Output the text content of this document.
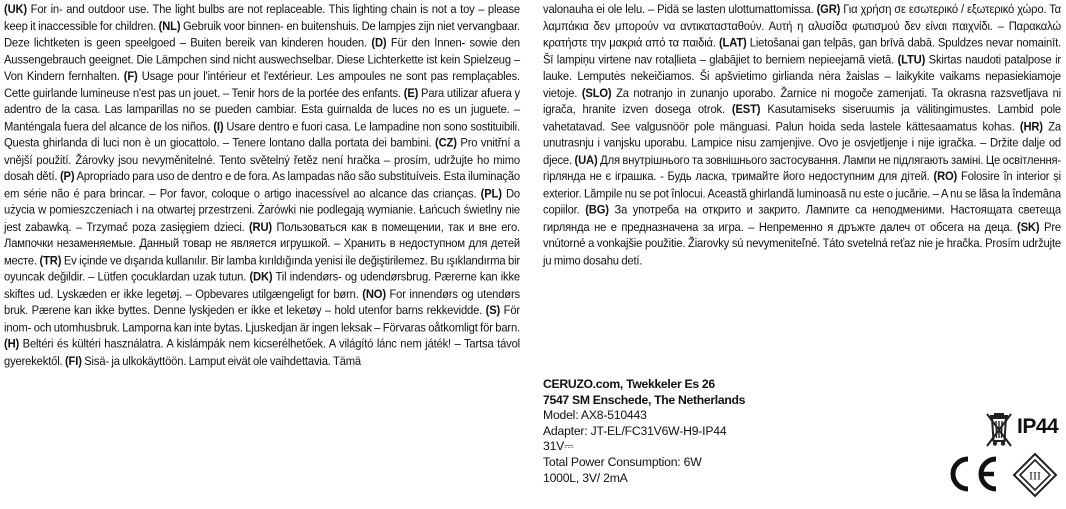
(UK) For in- and outdoor use. The light bulbs are not replaceable. This lighting chain is not a toy – please keep it inaccessible for children. (NL) Gebruik voor binnen- en buitenshuis. De lampjes zijn niet vervangbaar. Deze lichtketen is geen speelgoed – Buiten bereik van kinderen houden. (D) Für den Innen- sowie den Aussengebrauch geeignet. Die Lämpchen sind nicht auswechselbar. Diese Lichterkette ist kein Spielzeug – Von Kindern fernhalten. (F) Usage pour l'intérieur et l'extérieur. Les ampoules ne sont pas remplaçables. Cette guirlande lumineuse n'est pas un jouet. – Tenir hors de la portée des enfants. (E) Para utilizar afuera y adentro de la casa. Las lamparillas no se pueden cambiar. Esta guirnalda de luces no es un juguete. – Manténgala fuera del alcance de los niños. (I) Usare dentro e fuori casa. Le lampadine non sono sostituibili. Questa ghirlanda di luci non è un giocattolo. – Tenere lontano dalla portata dei bambini. (CZ) Pro vnitřní a vnější použití. Žárovky jsou nevyměnitelné. Tento světelný řetěz není hračka – prosím, udržujte ho mimo dosah dětí. (P) Apropriado para uso de dentro e de fora. As lampadas não são substituíveis. Esta iluminação em série não é para brincar. – Por favor, coloque o artigo inacessível ao alcance das crianças. (PL) Do użycia w pomieszczeniach i na otwartej przestrzeni. Żarówki nie podlegają wymianie. Łańcuch świetlny nie jest zabawką. – Trzymać poza zasięgiem dzieci. (RU) Пользоваться как в помещении, так и вне его. Лампочки незаменяемые. Данный товар не является игрушкой. – Хранить в недоступном для детей месте. (TR) Ev içinde ve dışarıda kullanılır. Bir lamba kırıldığında yenisi ile değiştirilemez. Bu ışıklandırma bir oyuncak değildir. – Lütfen çocuklardan uzak tutun. (DK) Til indendørs- og udendørsbrug. Pærerne kan ikke skiftes ud. Lyskæden er ikke legetøj. – Opbevares utilgængeligt for børn. (NO) For innendørs og utendørs bruk. Pærene kan ikke byttes. Denne lyskjeden er ikke et leketøy – hold utenfor barns rekkevidde. (S) För inom- och utomhusbruk. Lamporna kan inte bytas. Ljuskedjan är ingen leksak – Förvaras oåtkomligt för barn. (H) Beltéri és kültéri használatra. A kislámpák nem kicserélhetőek. A világító lánc nem játék! – Tartsa távol gyerekektől. (FI) Sisä- ja ulkokäyttöön. Lamput eivät ole vaihdettavia. Tämä
valonauha ei ole lelu. – Pidä se lasten ulottumattomissa. (GR) Για χρήση σε εσωτερικό / εξωτερικό χώρο. Τα λαμπάκια δεν μπορούν να αντικατασταθούν. Αυτή η αλυσίδα φωτισμού δεν είναι παιχνίδι. – Παρακαλώ κρατήστε την μακριά από τα παιδιά. (LAT) Lietošanai gan telpās, gan brīvā dabā. Spuldzes nevar nomainīt. Šī lampiņu virtene nav rotaļlieta – glabājiet to berniem nepieejamā vietā. (LTU) Skirtas naudoti patalpose ir lauke. Lemputės nekeičiamos. Ši apšvietimo girlianda nėra žaislas – laikykite vaikams nepasiekiamoje vietoje. (SLO) Za notranjo in zunanjo uporabo. Žarnice ni mogoče zamenjati. Ta okrasna razsvetljava ni igrača, hranite izven dosega otrok. (EST) Kasutamiseks siseruumis ja välitingimustes. Lambid pole vahetatavad. See valgusnöör pole mänguasi. Palun hoida seda lastele kättesaamatus kohas. (HR) Za unutrasnju i vanjsku uporabu. Lampice nisu zamjenjive. Ovo je osvjetljenje i nije igračka. – Držite dalje od djece. (UA) Для внутрішнього та зовнішнього застосування. Лампи не підлягають заміні. Це освітлення-гірлянда не є іграшка. - Будь ласка, тримайте його недоступним для дітей. (RO) Folosire în interior și exterior. Lămpile nu se pot înlocui. Această ghirlandă luminoasă nu este o jucărie. – A nu se lăsa la îndemâna copiilor. (BG) За употреба на открито и закрито. Лампите са неподменими. Настоящата светеща гирлянда не е предназначена за игра. – Непременно я дръжте далеч от обсега на деца. (SK) Pre vnútorné a vonkajšie použitie. Žiarovky sú nevymeniteľné. Táto svetelná reťaz nie je hračka. Prosím udržujte ju mimo dosahu detí.
CERUZO.com, Twekkeler Es 26
7547 SM Enschede, The Netherlands
Model: AX8-510443
Adapter: JT-EL/FC31V6W-H9-IP44
31V⎓
Total Power Consumption: 6W
1000L, 3V/ 2mA
IP44
III
